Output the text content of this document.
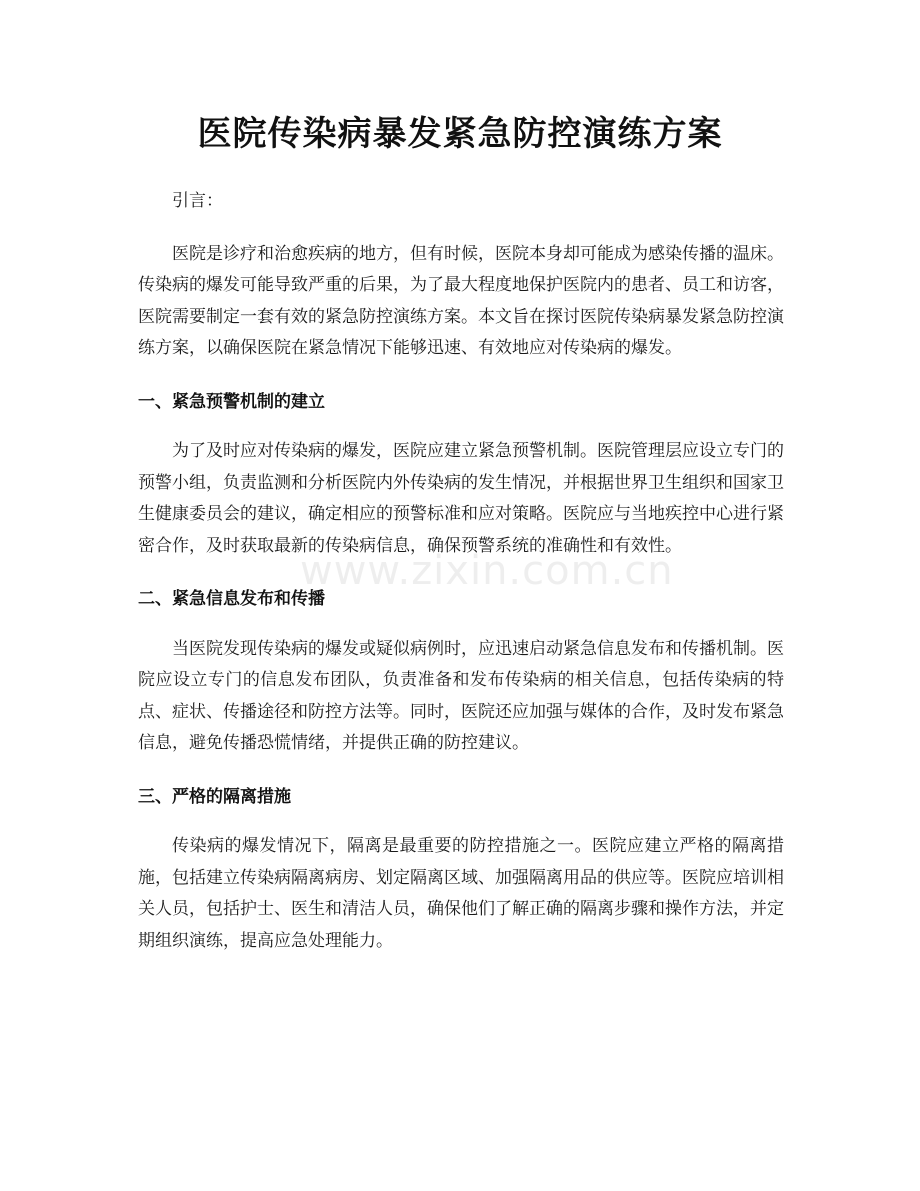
医院传染病暴发紧急防控演练方案

引言：

医院是诊疗和治愈疾病的地方，但有时候，医院本身却可能成为感染传播的温床。传染病的爆发可能导致严重的后果，为了最大程度地保护医院内的患者、员工和访客，医院需要制定一套有效的紧急防控演练方案。本文旨在探讨医院传染病暴发紧急防控演练方案，以确保医院在紧急情况下能够迅速、有效地应对传染病的爆发。

一、紧急预警机制的建立

为了及时应对传染病的爆发，医院应建立紧急预警机制。医院管理层应设立专门的预警小组，负责监测和分析医院内外传染病的发生情况，并根据世界卫生组织和国家卫生健康委员会的建议，确定相应的预警标准和应对策略。医院应与当地疾控中心进行紧密合作，及时获取最新的传染病信息，确保预警系统的准确性和有效性。

二、紧急信息发布和传播

当医院发现传染病的爆发或疑似病例时，应迅速启动紧急信息发布和传播机制。医院应设立专门的信息发布团队，负责准备和发布传染病的相关信息，包括传染病的特点、症状、传播途径和防控方法等。同时，医院还应加强与媒体的合作，及时发布紧急信息，避免传播恐慌情绪，并提供正确的防控建议。

三、严格的隔离措施

传染病的爆发情况下，隔离是最重要的防控措施之一。医院应建立严格的隔离措施，包括建立传染病隔离病房、划定隔离区域、加强隔离用品的供应等。医院应培训相关人员，包括护士、医生和清洁人员，确保他们了解正确的隔离步骤和操作方法，并定期组织演练，提高应急处理能力。

www.zixin.com.cn
